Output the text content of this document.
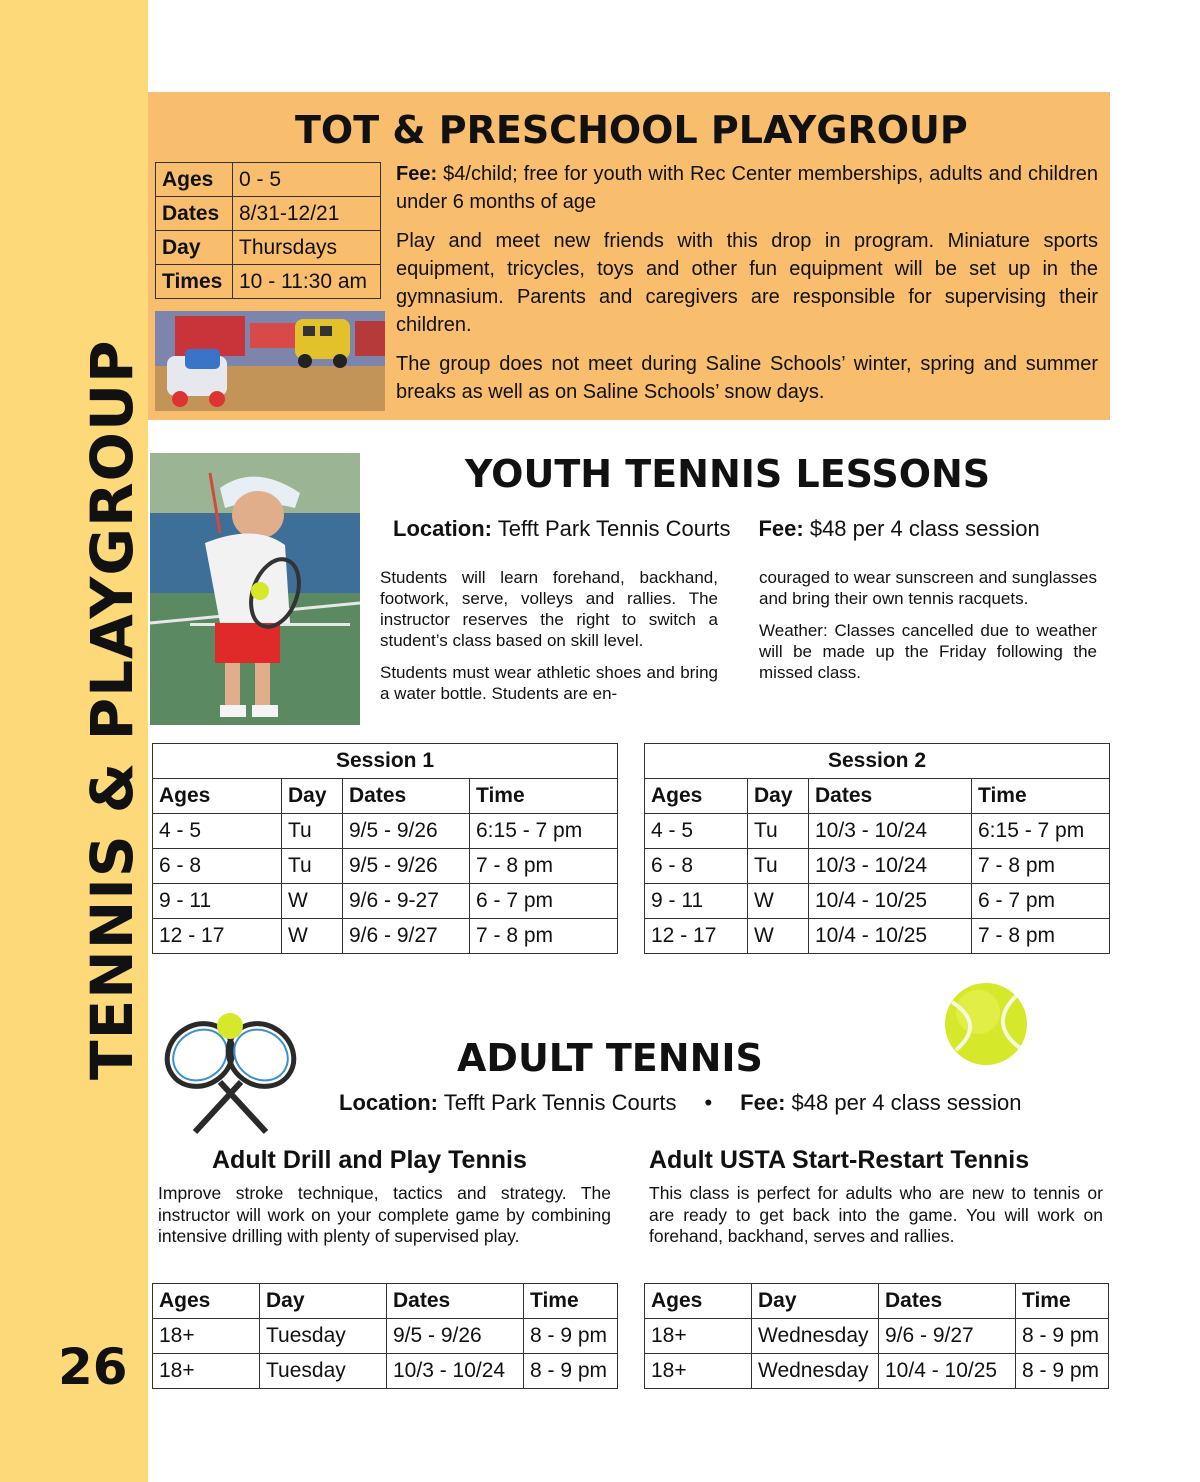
TENNIS & PLAYGROUP
26
TOT & PRESCHOOL PLAYGROUP
Ages	0 - 5
Dates	8/31-12/21
Day	Thursdays
Times	10 - 11:30 am

Fee: $4/child; free for youth with Rec Center memberships, adults and children under 6 months of age

Play and meet new friends with this drop in program. Miniature sports equipment, tricycles, toys and other fun equipment will be set up in the gymnasium. Parents and caregivers are responsible for supervising their children.

The group does not meet during Saline Schools’ winter, spring and summer breaks as well as on Saline Schools’ snow days.

YOUTH TENNIS LESSONS
Location: Tefft Park Tennis Courts Fee: $48 per 4 class session

Students will learn forehand, backhand, footwork, serve, volleys and rallies. The instructor reserves the right to switch a student’s class based on skill level.

Students must wear athletic shoes and bring a water bottle. Students are en-

couraged to wear sunscreen and sunglasses and bring their own tennis racquets.

Weather: Classes cancelled due to weather will be made up the Friday following the missed class.

Session 1			
Ages	Day	Dates	Time
4 - 5	Tu	9/5 - 9/26	6:15 - 7 pm
6 - 8	Tu	9/5 - 9/26	7 - 8 pm
9 - 11	W	9/6 - 9-27	6 - 7 pm
12 - 17	W	9/6 - 9/27	7 - 8 pm
Session 2			
Ages	Day	Dates	Time
4 - 5	Tu	10/3 - 10/24	6:15 - 7 pm
6 - 8	Tu	10/3 - 10/24	7 - 8 pm
9 - 11	W	10/4 - 10/25	6 - 7 pm
12 - 17	W	10/4 - 10/25	7 - 8 pm
ADULT TENNIS
Location: Tefft Park Tennis Courts • Fee: $48 per 4 class session
Adult Drill and Play Tennis	Adult USTA Start-Restart Tennis
Improve stroke technique, tactics and strategy. The instructor will work on your complete game by combining intensive drilling with plenty of supervised play.
This class is perfect for adults who are new to tennis or are ready to get back into the game. You will work on forehand, backhand, serves and rallies.
Ages	Day	Dates	Time
18+	Tuesday	9/5 - 9/26	8 - 9 pm
18+	Tuesday	10/3 - 10/24	8 - 9 pm
Ages	Day	Dates	Time
18+	Wednesday	9/6 - 9/27	8 - 9 pm
18+	Wednesday	10/4 - 10/25	8 - 9 pm
